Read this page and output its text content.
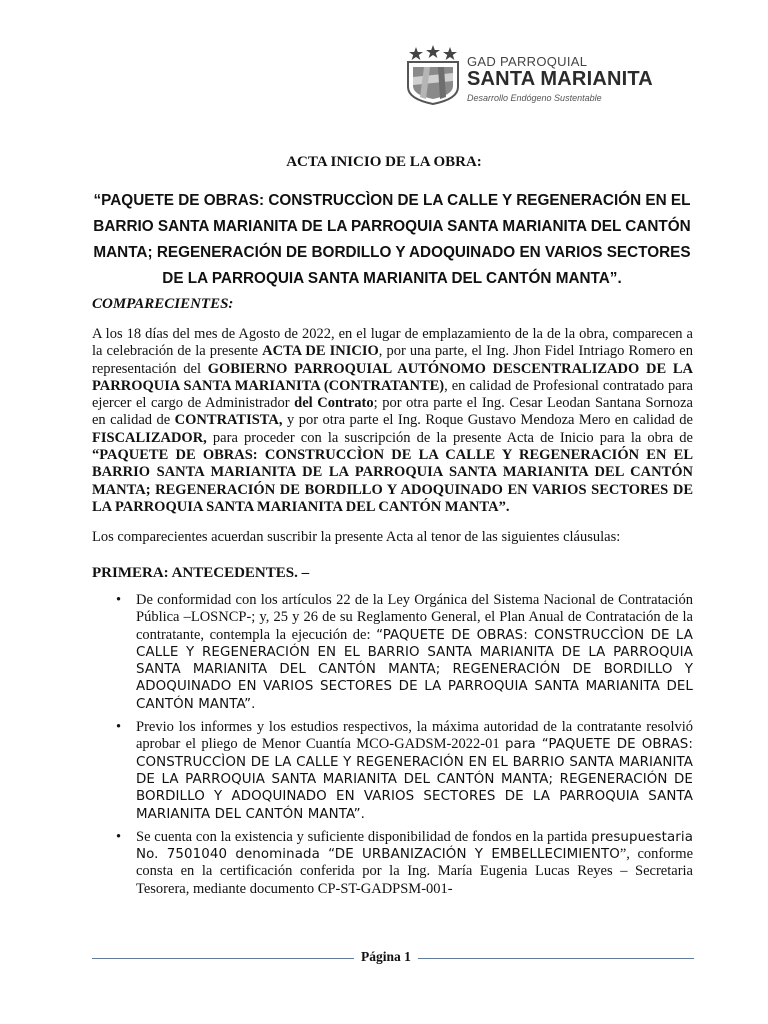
GAD PARROQUIAL
SANTA MARIANITA
Desarrollo Endógeno Sustentable
ACTA INICIO DE LA OBRA:
“PAQUETE DE OBRAS: CONSTRUCCÌON DE LA CALLE Y REGENERACIÓN EN EL BARRIO SANTA MARIANITA DE LA PARROQUIA SANTA MARIANITA DEL CANTÓN MANTA; REGENERACIÓN DE BORDILLO Y ADOQUINADO EN VARIOS SECTORES DE LA PARROQUIA SANTA MARIANITA DEL CANTÓN MANTA”.
COMPARECIENTES:
A los 18 días del mes de Agosto de 2022, en el lugar de emplazamiento de la de la obra, comparecen a la celebración de la presente ACTA DE INICIO, por una parte, el Ing. Jhon Fidel Intriago Romero en representación del GOBIERNO PARROQUIAL AUTÓNOMO DESCENTRALIZADO DE LA PARROQUIA SANTA MARIANITA (CONTRATANTE), en calidad de Profesional contratado para ejercer el cargo de Administrador del Contrato; por otra parte el Ing. Cesar Leodan Santana Sornoza en calidad de CONTRATISTA, y por otra parte el Ing. Roque Gustavo Mendoza Mero en calidad de FISCALIZADOR, para proceder con la suscripción de la presente Acta de Inicio para la obra de “PAQUETE DE OBRAS: CONSTRUCCÌON DE LA CALLE Y REGENERACIÓN EN EL BARRIO SANTA MARIANITA DE LA PARROQUIA SANTA MARIANITA DEL CANTÓN MANTA; REGENERACIÓN DE BORDILLO Y ADOQUINADO EN VARIOS SECTORES DE LA PARROQUIA SANTA MARIANITA DEL CANTÓN MANTA”.
Los comparecientes acuerdan suscribir la presente Acta al tenor de las siguientes cláusulas:
PRIMERA: ANTECEDENTES. –
• De conformidad con los artículos 22 de la Ley Orgánica del Sistema Nacional de Contratación Pública –LOSNCP-; y, 25 y 26 de su Reglamento General, el Plan Anual de Contratación de la contratante, contempla la ejecución de: “PAQUETE DE OBRAS: CONSTRUCCÌON DE LA CALLE Y REGENERACIÓN EN EL BARRIO SANTA MARIANITA DE LA PARROQUIA SANTA MARIANITA DEL CANTÓN MANTA; REGENERACIÓN DE BORDILLO Y ADOQUINADO EN VARIOS SECTORES DE LA PARROQUIA SANTA MARIANITA DEL CANTÓN MANTA”.
• Previo los informes y los estudios respectivos, la máxima autoridad de la contratante resolvió aprobar el pliego de Menor Cuantía MCO-GADSM-2022-01 para “PAQUETE DE OBRAS: CONSTRUCCÌON DE LA CALLE Y REGENERACIÓN EN EL BARRIO SANTA MARIANITA DE LA PARROQUIA SANTA MARIANITA DEL CANTÓN MANTA; REGENERACIÓN DE BORDILLO Y ADOQUINADO EN VARIOS SECTORES DE LA PARROQUIA SANTA MARIANITA DEL CANTÓN MANTA”.
• Se cuenta con la existencia y suficiente disponibilidad de fondos en la partida presupuestaria No. 7501040 denominada “DE URBANIZACIÓN Y EMBELLECIMIENTO”, conforme consta en la certificación conferida por la Ing. María Eugenia Lucas Reyes – Secretaria Tesorera, mediante documento CP-ST-GADPSM-001-
Página 1
